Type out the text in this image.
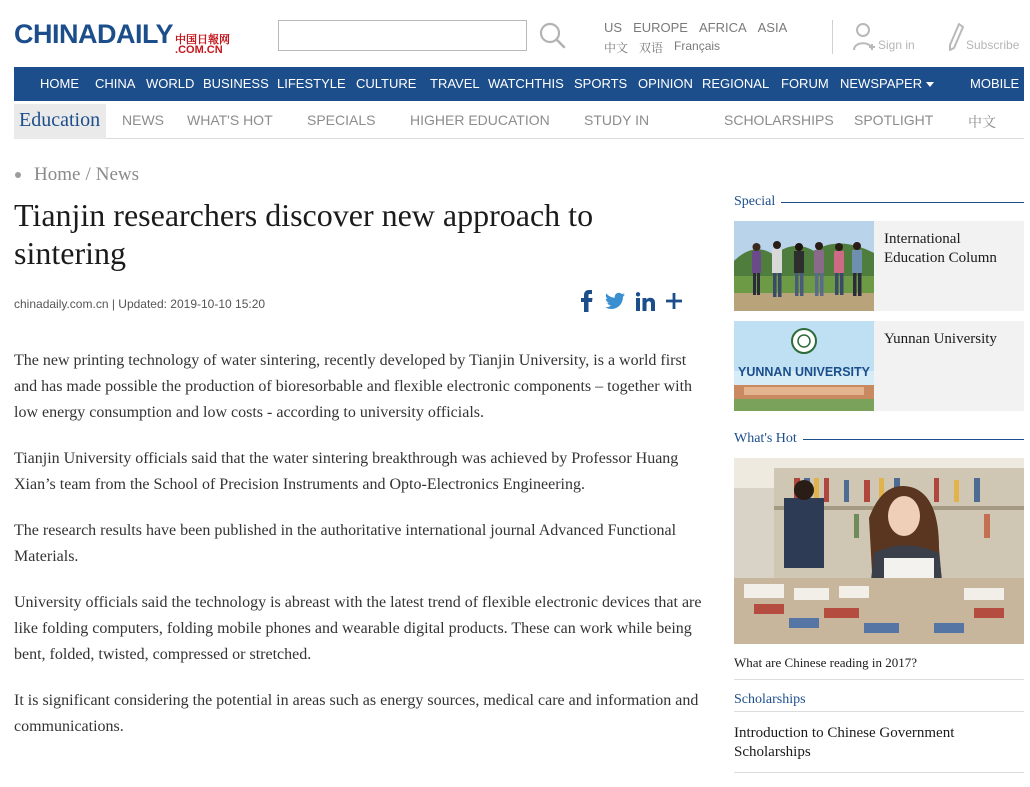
CHINA DAILY 中国日報网
.COM.CN
US EUROPE AFRICA ASIA
中文 双语 Français	Sign in	Subscribe
HOME CHINA WORLD BUSINESS LIFESTYLE CULTURE TRAVEL WATCHTHIS SPORTS OPINION REGIONAL FORUM NEWSPAPER	MOBILE
Education	NEWS WHAT'S HOT SPECIALS HIGHER EDUCATION STUDY IN	SCHOLARSHIPS SPOTLIGHT 中文
Home / News
Tianjin researchers discover new approach to sintering
chinadaily.com.cn | Updated: 2019-10-10 15:20

The new printing technology of water sintering, recently developed by Tianjin University, is a world first and has made possible the production of bioresorbable and flexible electronic components – together with low energy consumption and low costs - according to university officials.

Tianjin University officials said that the water sintering breakthrough was achieved by Professor Huang Xian’s team from the School of Precision Instruments and Opto-Electronics Engineering.

The research results have been published in the authoritative international journal Advanced Functional Materials.

University officials said the technology is abreast with the latest trend of flexible electronic devices that are like folding computers, folding mobile phones and wearable digital products. These can work while being bent, folded, twisted, compressed or stretched.

It is significant considering the potential in areas such as energy sources, medical care and information and communications.

Special
International Education Column
YUNNAN UNIVERSITY
Yunnan University
What's Hot
What are Chinese reading in 2017?
Scholarships
Introduction to Chinese Government Scholarships
